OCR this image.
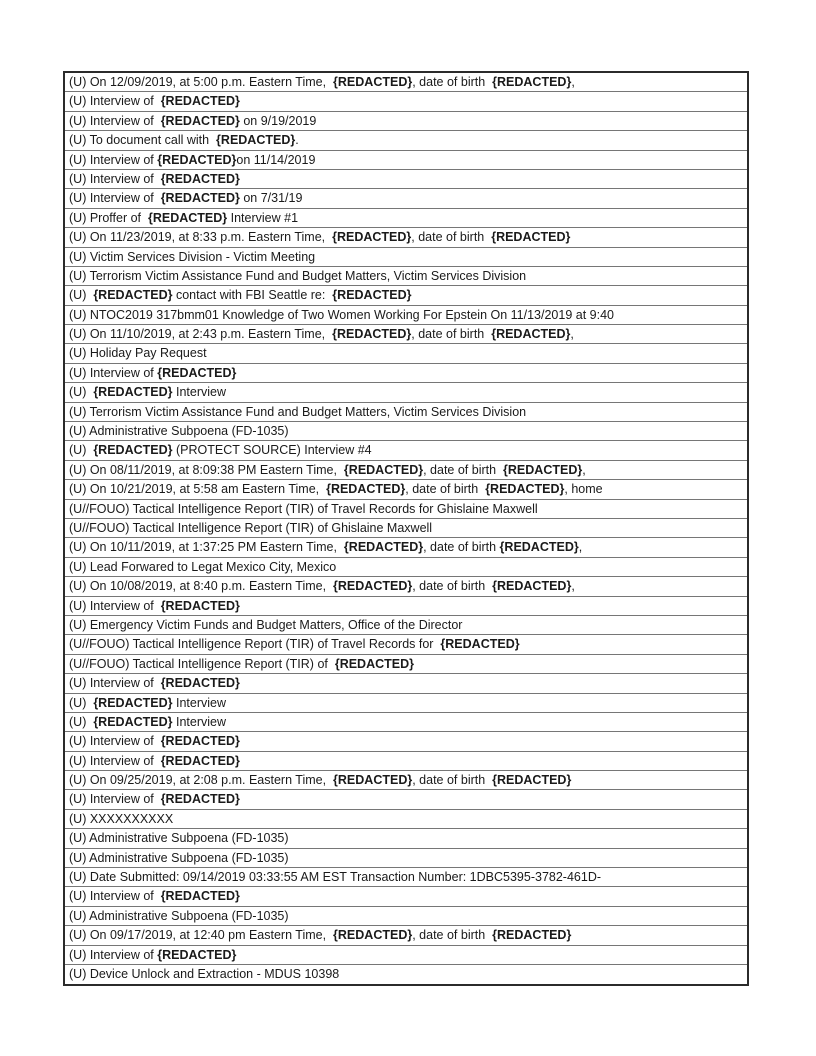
(U) On 12/09/2019, at 5:00 p.m. Eastern Time,  {REDACTED}, date of birth  {REDACTED},
(U) Interview of  {REDACTED}
(U) Interview of  {REDACTED} on 9/19/2019
(U) To document call with  {REDACTED}.
(U) Interview of {REDACTED}on 11/14/2019
(U) Interview of  {REDACTED}
(U) Interview of  {REDACTED} on 7/31/19
(U) Proffer of  {REDACTED} Interview #1
(U) On 11/23/2019, at 8:33 p.m. Eastern Time,  {REDACTED}, date of birth  {REDACTED}
(U) Victim Services Division - Victim Meeting
(U) Terrorism Victim Assistance Fund and Budget Matters, Victim Services Division
(U)  {REDACTED} contact with FBI Seattle re:  {REDACTED}
(U) NTOC2019 317bmm01 Knowledge of Two Women Working For Epstein On 11/13/2019 at 9:40
(U) On 11/10/2019, at 2:43 p.m. Eastern Time,  {REDACTED}, date of birth  {REDACTED},
(U) Holiday Pay Request
(U) Interview of {REDACTED}
(U)  {REDACTED} Interview
(U) Terrorism Victim Assistance Fund and Budget Matters, Victim Services Division
(U) Administrative Subpoena (FD-1035)
(U)  {REDACTED} (PROTECT SOURCE) Interview #4
(U) On 08/11/2019, at 8:09:38 PM Eastern Time,  {REDACTED}, date of birth  {REDACTED},
(U) On 10/21/2019, at 5:58 am Eastern Time,  {REDACTED}, date of birth  {REDACTED}, home
(U//FOUO) Tactical Intelligence Report (TIR) of Travel Records for Ghislaine Maxwell
(U//FOUO) Tactical Intelligence Report (TIR) of Ghislaine Maxwell
(U) On 10/11/2019, at 1:37:25 PM Eastern Time,  {REDACTED}, date of birth {REDACTED},
(U) Lead Forwared to Legat Mexico City, Mexico
(U) On 10/08/2019, at 8:40 p.m. Eastern Time,  {REDACTED}, date of birth  {REDACTED},
(U) Interview of  {REDACTED}
(U) Emergency Victim Funds and Budget Matters, Office of the Director
(U//FOUO) Tactical Intelligence Report (TIR) of Travel Records for  {REDACTED}
(U//FOUO) Tactical Intelligence Report (TIR) of  {REDACTED}
(U) Interview of  {REDACTED}
(U)  {REDACTED} Interview
(U)  {REDACTED} Interview
(U) Interview of  {REDACTED}
(U) Interview of  {REDACTED}
(U) On 09/25/2019, at 2:08 p.m. Eastern Time,  {REDACTED}, date of birth  {REDACTED}
(U) Interview of  {REDACTED}
(U) XXXXXXXXXX
(U) Administrative Subpoena (FD-1035)
(U) Administrative Subpoena (FD-1035)
(U) Date Submitted: 09/14/2019 03:33:55 AM EST Transaction Number: 1DBC5395-3782-461D-
(U) Interview of  {REDACTED}
(U) Administrative Subpoena (FD-1035)
(U) On 09/17/2019, at 12:40 pm Eastern Time,  {REDACTED}, date of birth  {REDACTED}
(U) Interview of {REDACTED}
(U) Device Unlock and Extraction - MDUS 10398
